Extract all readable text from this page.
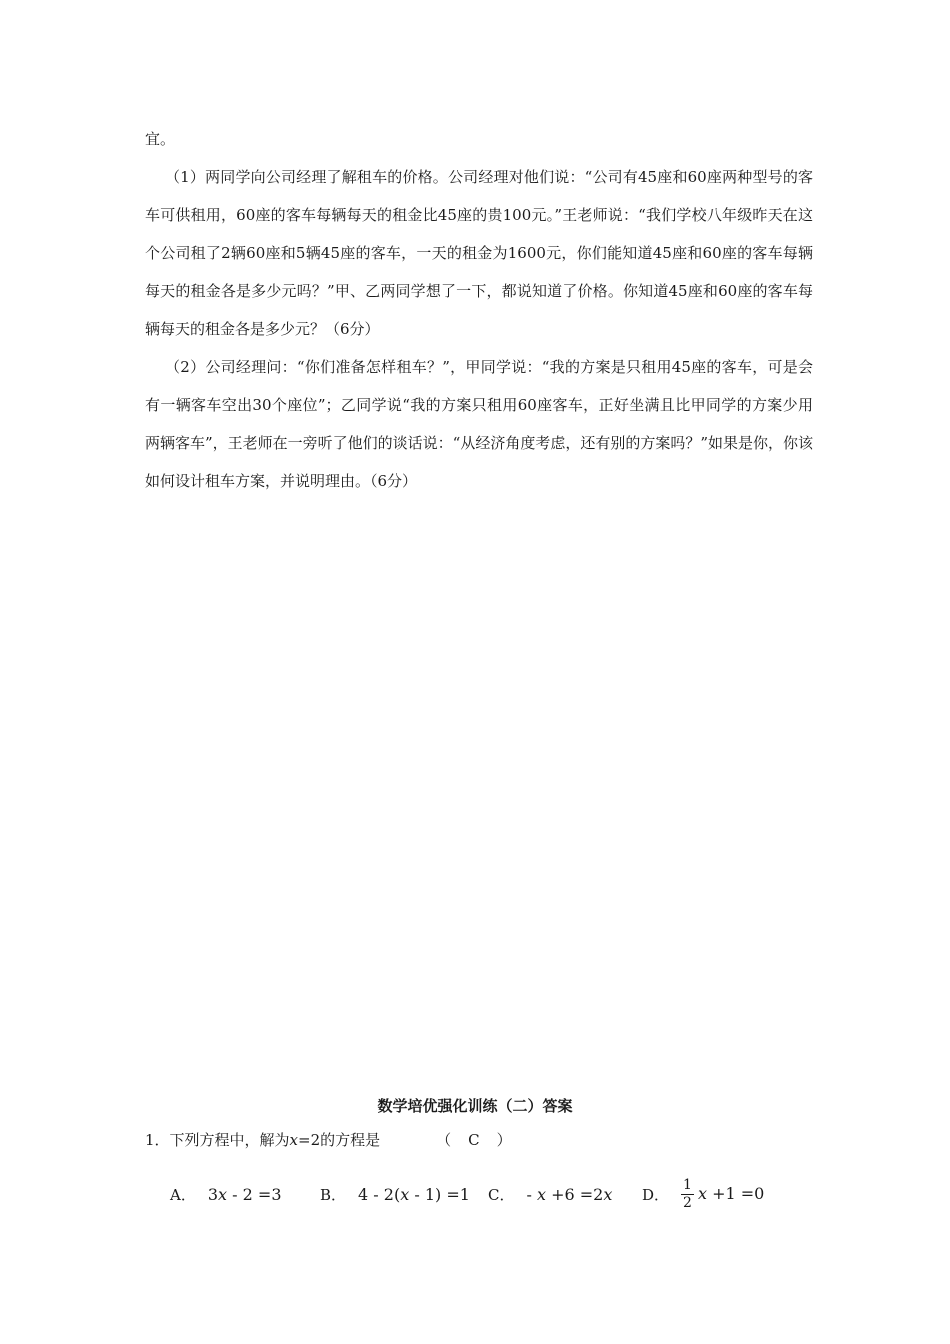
宜。

（1）两同学向公司经理了解租车的价格。公司经理对他们说：“公司有45座和60座两种型号的客车可供租用，60座的客车每辆每天的租金比45座的贵100元。”王老师说：“我们学校八年级昨天在这个公司租了2辆60座和5辆45座的客车，一天的租金为1600元，你们能知道45座和60座的客车每辆每天的租金各是多少元吗？”甲、乙两同学想了一下，都说知道了价格。你知道45座和60座的客车每辆每天的租金各是多少元？（6分）

（2）公司经理问：“你们准备怎样租车？”，甲同学说：“我的方案是只租用45座的客车，可是会有一辆客车空出30个座位”；乙同学说“我的方案只租用60座客车，正好坐满且比甲同学的方案少用两辆客车”，王老师在一旁听了他们的谈话说：“从经济角度考虑，还有别的方案吗？”如果是你，你该如何设计租车方案，并说明理由。（6分）

数学培优强化训练（二）答案
1．下列方程中，解为x=2的方程是	（　C　）
A． 3x - 2 =3	B． 4 - 2(x - 1) =1 C． - x +6 =2x D． $\frac{1}{2}$ x +1 =0
